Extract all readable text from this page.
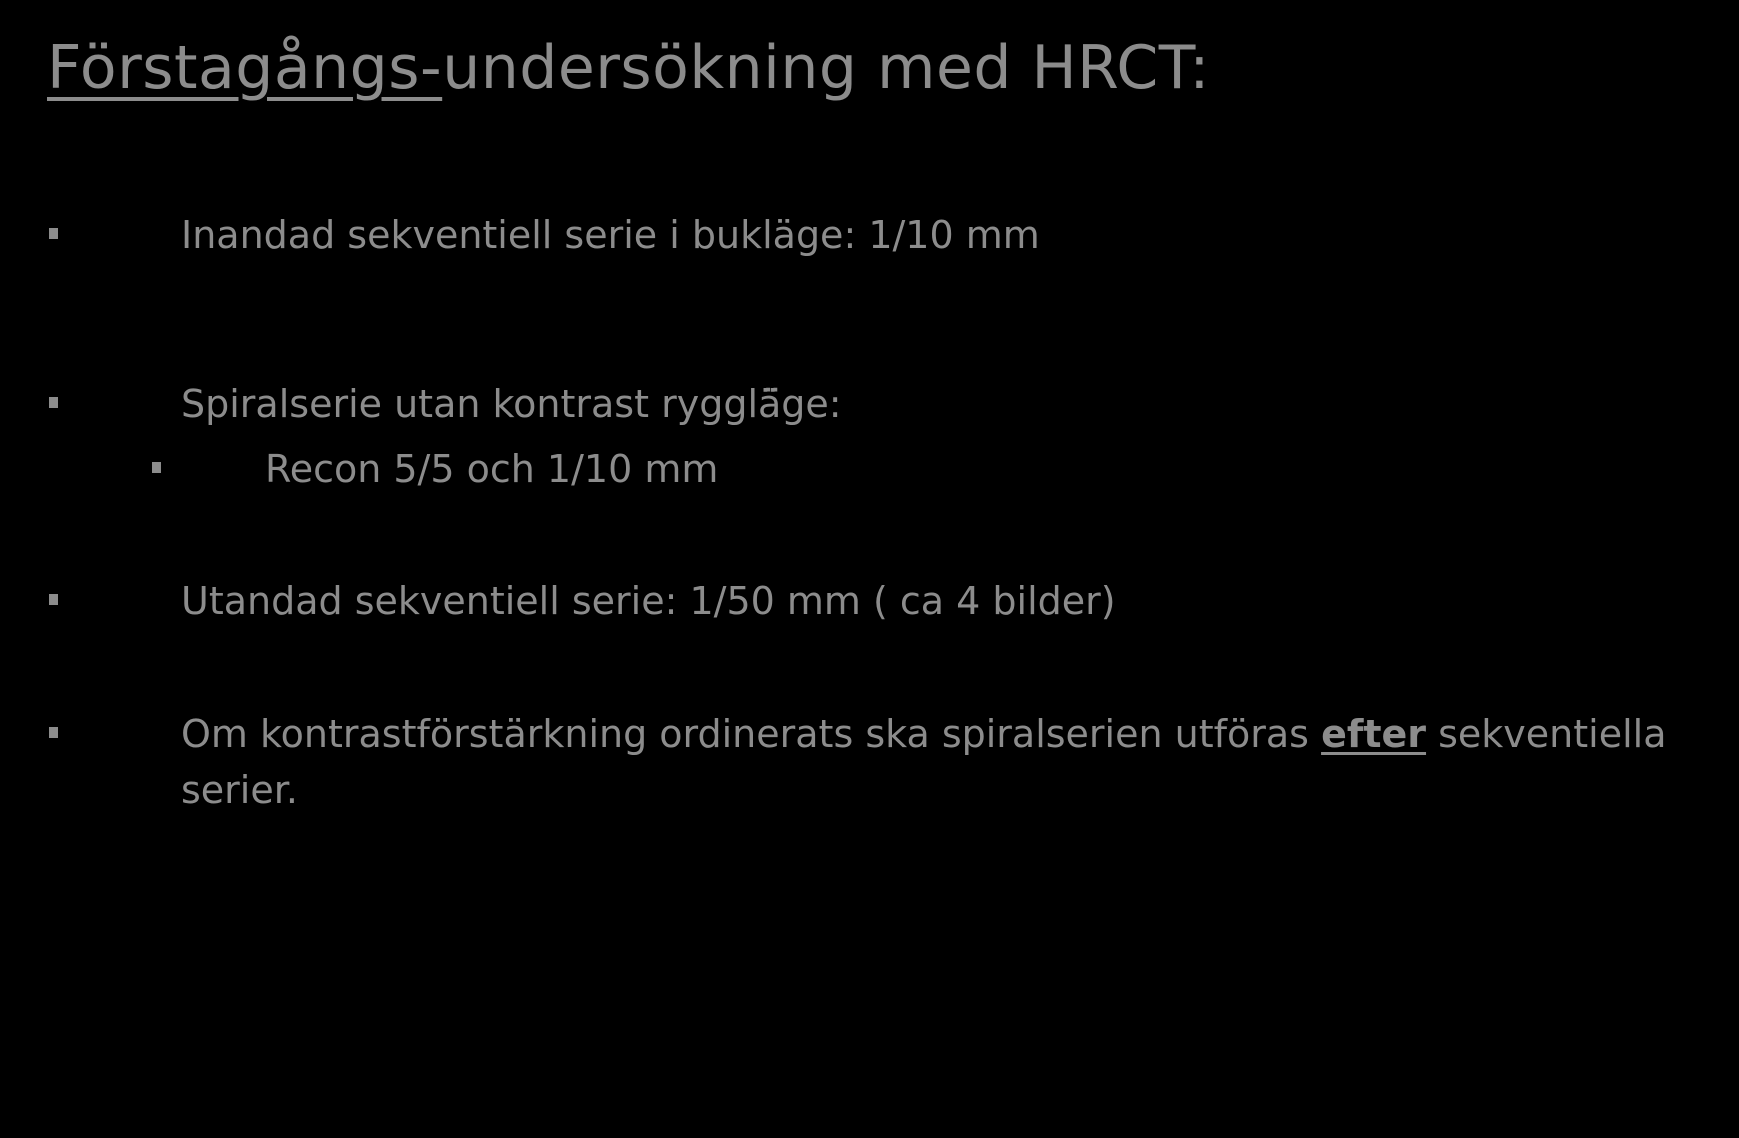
Förstagångs-undersökning med HRCT:
Inandad sekventiell serie i bukläge: 1/10 mm
Spiralserie utan kontrast rygglä̈ge:
Recon 5/5 och 1/10 mm
Utandad sekventiell serie: 1/50 mm ( ca 4 bilder)
Om kontrastförstärkning ordinerats ska spiralserien utföras efter sekventiella serier.
